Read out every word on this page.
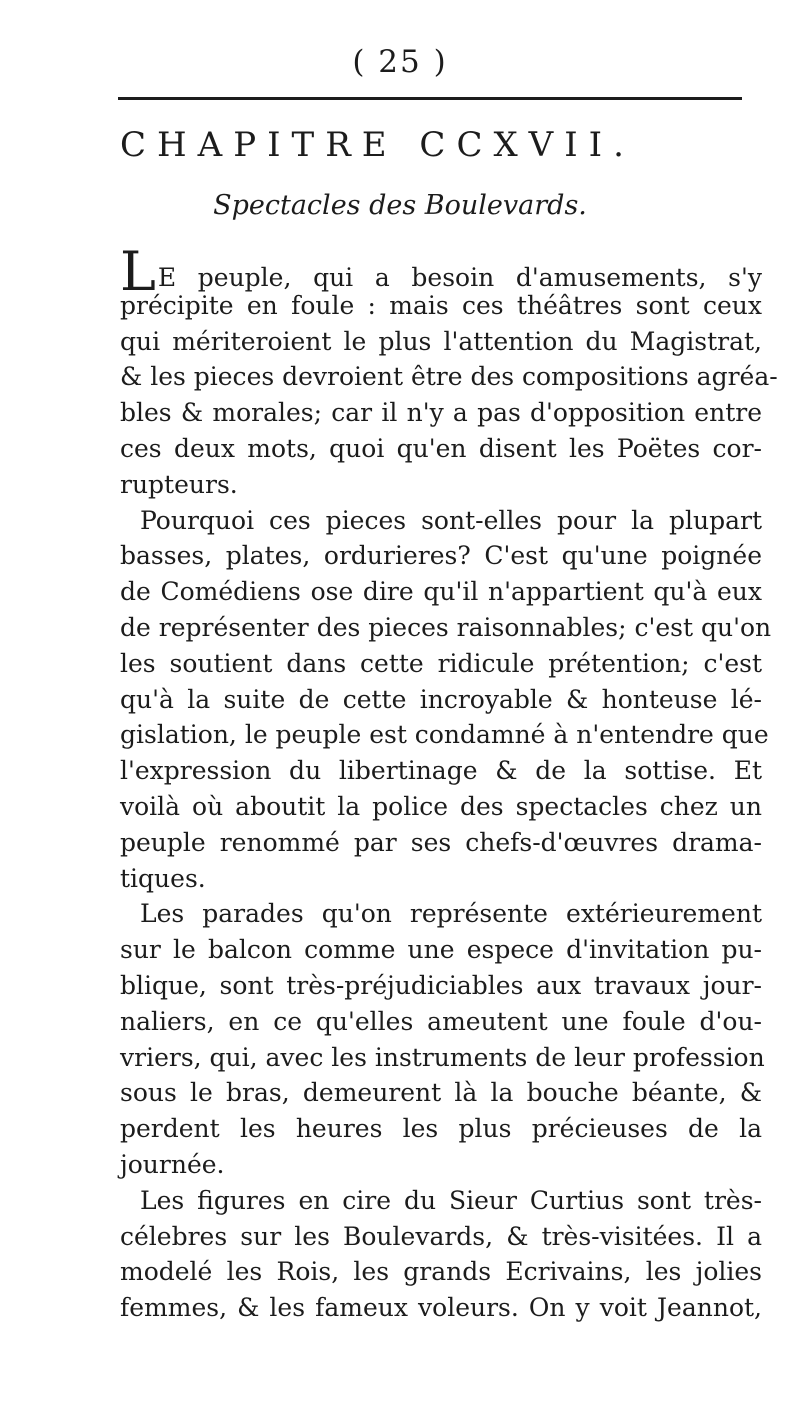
( 25 )
CHAPITRE CCXVII.
Spectacles des Boulevards.
LE peuple, qui a besoin d'amusements, s'y
précipite en foule : mais ces théâtres sont ceux
qui mériteroient le plus l'attention du Magistrat,
& les pieces devroient être des compositions agréa-
bles & morales; car il n'y a pas d'opposition entre
ces deux mots, quoi qu'en disent les Poëtes cor-
rupteurs.
Pourquoi ces pieces sont-elles pour la plupart
basses, plates, ordurieres? C'est qu'une poignée
de Comédiens ose dire qu'il n'appartient qu'à eux
de représenter des pieces raisonnables; c'est qu'on
les soutient dans cette ridicule prétention; c'est
qu'à la suite de cette incroyable & honteuse lé-
gislation, le peuple est condamné à n'entendre que
l'expression du libertinage & de la sottise. Et
voilà où aboutit la police des spectacles chez un
peuple renommé par ses chefs-d'œuvres drama-
tiques.
Les parades qu'on représente extérieurement
sur le balcon comme une espece d'invitation pu-
blique, sont très-préjudiciables aux travaux jour-
naliers, en ce qu'elles ameutent une foule d'ou-
vriers, qui, avec les instruments de leur profession
sous le bras, demeurent là la bouche béante, &
perdent les heures les plus précieuses de la
journée.
Les figures en cire du Sieur Curtius sont très-
célebres sur les Boulevards, & très-visitées. Il a
modelé les Rois, les grands Ecrivains, les jolies
femmes, & les fameux voleurs. On y voit Jeannot,
